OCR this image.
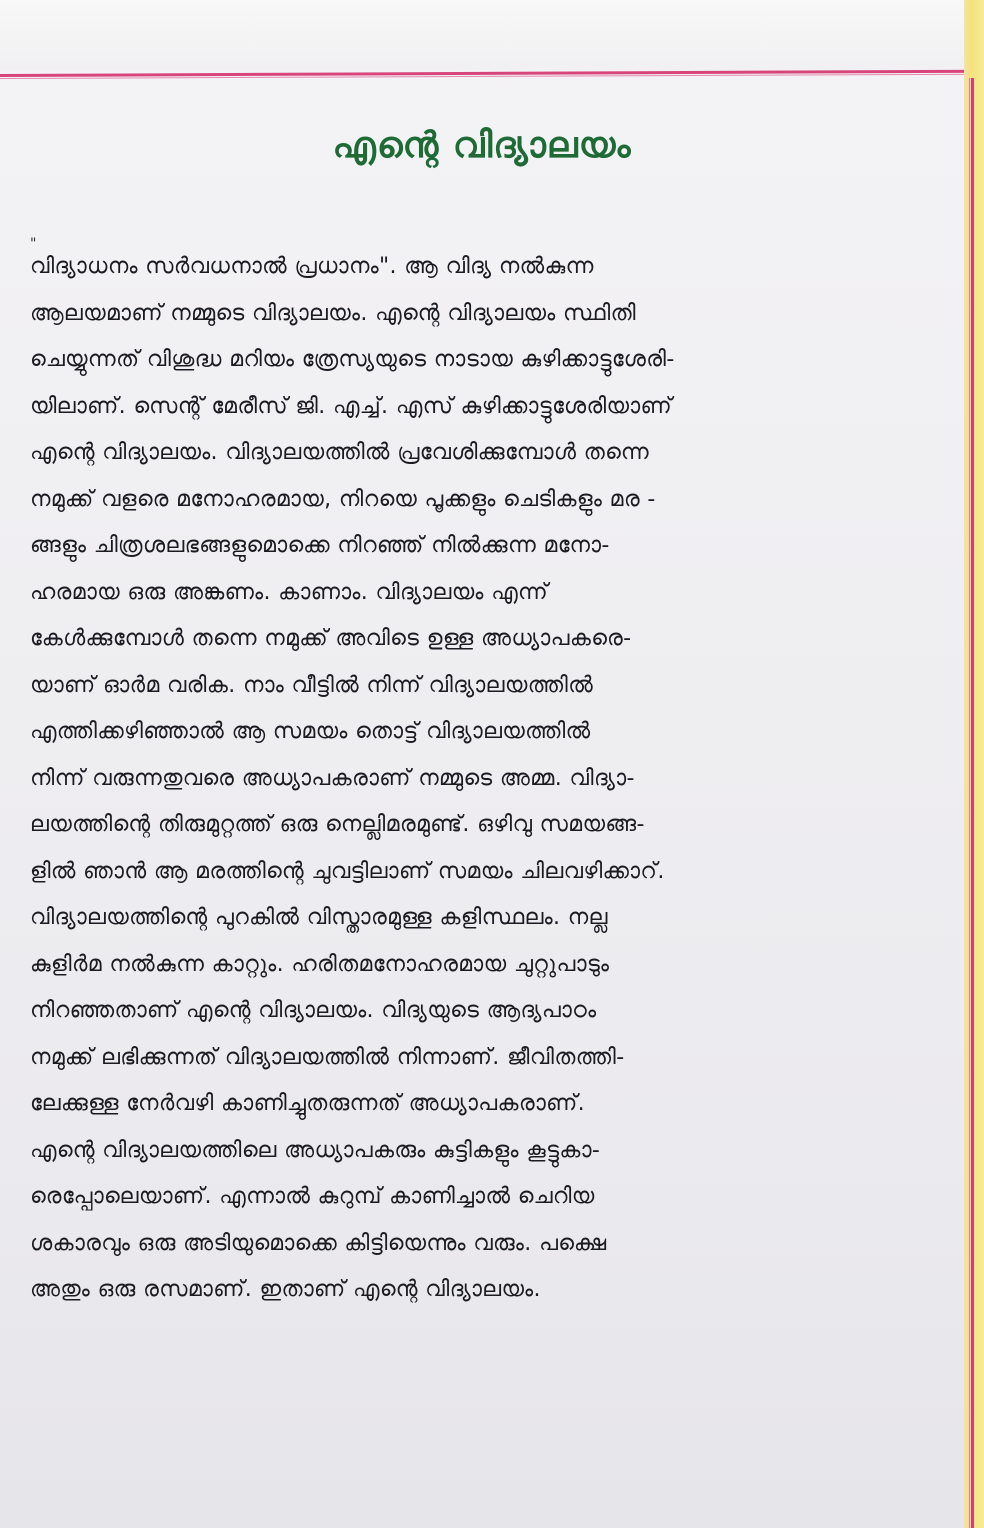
എന്റെ വിദ്യാലയം
"
വിദ്യാധനം സർവധനാൽ പ്രധാനം". ആ വിദ്യ നൽകുന്ന
ആലയമാണ് നമ്മുടെ വിദ്യാലയം. എന്റെ വിദ്യാലയം സ്ഥിതി
ചെയ്യുന്നത് വിശുദ്ധ മറിയം ത്രേസ്യയുടെ നാടായ കുഴിക്കാട്ടുശേരി-
യിലാണ്. സെന്റ് മേരീസ് ജി. എച്ച്. എസ് കുഴിക്കാട്ടുശേരിയാണ്
എന്റെ വിദ്യാലയം. വിദ്യാലയത്തിൽ പ്രവേശിക്കുമ്പോൾ തന്നെ
നമുക്ക് വളരെ മനോഹരമായ, നിറയെ പൂക്കളും ചെടികളും മര -
ങ്ങളും ചിത്രശലഭങ്ങളുമൊക്കെ നിറഞ്ഞ് നിൽക്കുന്ന മനോ-
ഹരമായ ഒരു അങ്കണം. കാണാം. വിദ്യാലയം എന്ന്
കേൾക്കുമ്പോൾ തന്നെ നമുക്ക് അവിടെ ഉള്ള അധ്യാപകരെ-
യാണ് ഓർമ വരിക. നാം വീട്ടിൽ നിന്ന് വിദ്യാലയത്തിൽ
എത്തിക്കഴിഞ്ഞാൽ ആ സമയം തൊട്ട് വിദ്യാലയത്തിൽ
നിന്ന് വരുന്നതുവരെ അധ്യാപകരാണ് നമ്മുടെ അമ്മ. വിദ്യാ-
ലയത്തിന്റെ തിരുമുറ്റത്ത് ഒരു നെല്ലിമരമുണ്ട്. ഒഴിവു സമയങ്ങ-
ളിൽ ഞാൻ ആ മരത്തിന്റെ ചുവട്ടിലാണ് സമയം ചിലവഴിക്കാറ്.
വിദ്യാലയത്തിന്റെ പുറകിൽ വിസ്താരമുള്ള കളിസ്ഥലം. നല്ല
കുളിർമ നൽകുന്ന കാറ്റും. ഹരിതമനോഹരമായ ചുറ്റുപാടും
നിറഞ്ഞതാണ് എന്റെ വിദ്യാലയം. വിദ്യയുടെ ആദ്യപാഠം
നമുക്ക് ലഭിക്കുന്നത് വിദ്യാലയത്തിൽ നിന്നാണ്. ജീവിതത്തി-
ലേക്കുള്ള നേർവഴി കാണിച്ചുതരുന്നത് അധ്യാപകരാണ്.
എന്റെ വിദ്യാലയത്തിലെ അധ്യാപകരും കുട്ടികളും കൂട്ടുകാ-
രെപ്പോലെയാണ്. എന്നാൽ കുറുമ്പ് കാണിച്ചാൽ ചെറിയ
ശകാരവും ഒരു അടിയുമൊക്കെ കിട്ടിയെന്നും വരും. പക്ഷെ
അതും ഒരു രസമാണ്. ഇതാണ് എന്റെ വിദ്യാലയം.
